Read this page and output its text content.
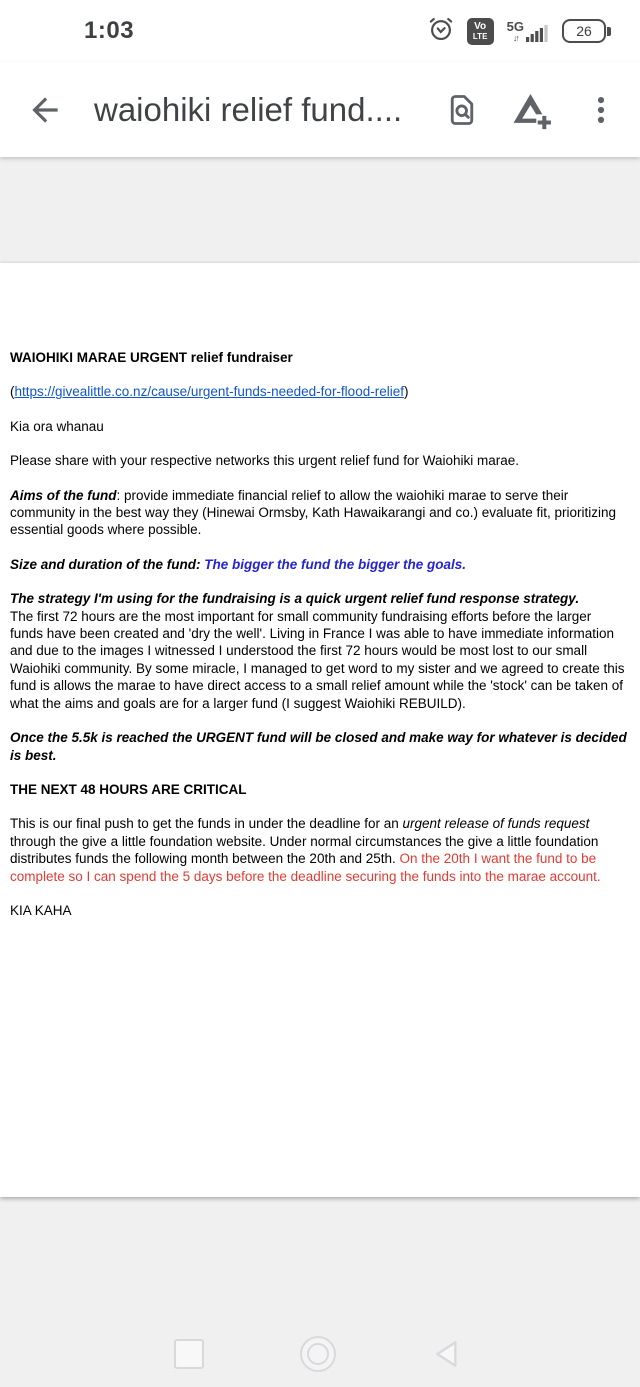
1:03	Vo
LTE
5G
↓↑	26
waiohiki relief fund....

WAIOHIKI MARAE URGENT relief fundraiser

(https://givealittle.co.nz/cause/urgent-funds-needed-for-flood-relief)

Kia ora whanau

Please share with your respective networks this urgent relief fund for Waiohiki marae.

Aims of the fund: provide immediate financial relief to allow the waiohiki marae to serve their community in the best way they (Hinewai Ormsby, Kath Hawaikarangi and co.) evaluate fit, prioritizing essential goods where possible.

Size and duration of the fund: The bigger the fund the bigger the goals.

The strategy I'm using for the fundraising is a quick urgent relief fund response strategy.
The first 72 hours are the most important for small community fundraising efforts before the larger funds have been created and 'dry the well'. Living in France I was able to have immediate information and due to the images I witnessed I understood the first 72 hours would be most lost to our small Waiohiki community. By some miracle, I managed to get word to my sister and we agreed to create this fund is allows the marae to have direct access to a small relief amount while the 'stock' can be taken of what the aims and goals are for a larger fund (I suggest Waiohiki REBUILD).

Once the 5.5k is reached the URGENT fund will be closed and make way for whatever is decided is best.

THE NEXT 48 HOURS ARE CRITICAL

This is our final push to get the funds in under the deadline for an urgent release of funds request through the give a little foundation website. Under normal circumstances the give a little foundation distributes funds the following month between the 20th and 25th. On the 20th I want the fund to be complete so I can spend the 5 days before the deadline securing the funds into the marae account.

KIA KAHA
